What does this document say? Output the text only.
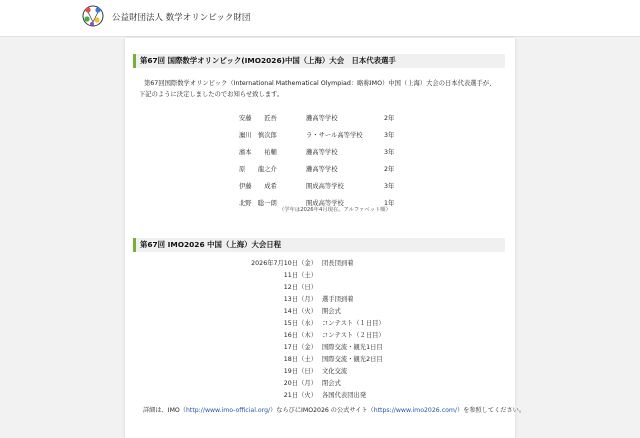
公益財団法人 数学オリンピック財団
第67回 国際数学オリンピック(IMO2026)中国（上海）大会　日本代表選手
第67回国際数学オリンピック（International Mathematical Olympiad：略称IMO）中国（上海）大会の日本代表選手が、
下記のように決定しましたのでお知らせ致します。
安藤　　匠吾	灘高等学校	2年
濵川　慎次郎	ラ・サール高等学校	3年
濱本　　祐輔	灘高等学校	3年
原　　龍之介	灘高等学校	2年
伊藤　　成希	開成高等学校	3年
北野　聡一朗	開成高等学校	1年
（学年は2026年4月現在。アルファベット順）
第67回 IMO2026 中国（上海）大会日程
2026年7月10日（金） 団長団到着
11日（土）
12日（日）
13日（月） 選手団到着
14日（火） 開会式
15日（水） コンテスト（１日目）
16日（木） コンテスト（２日目）
17日（金） 国際交流・観光1日目
18日（土） 国際交流・観光2日目
19日（日） 文化交流
20日（月） 閉会式
21日（火） 各国代表団出発
詳細は、IMO（http://www.imo-official.org/）ならびにIMO2026 の公式サイト（https://www.imo2026.com/）を参照してください。
